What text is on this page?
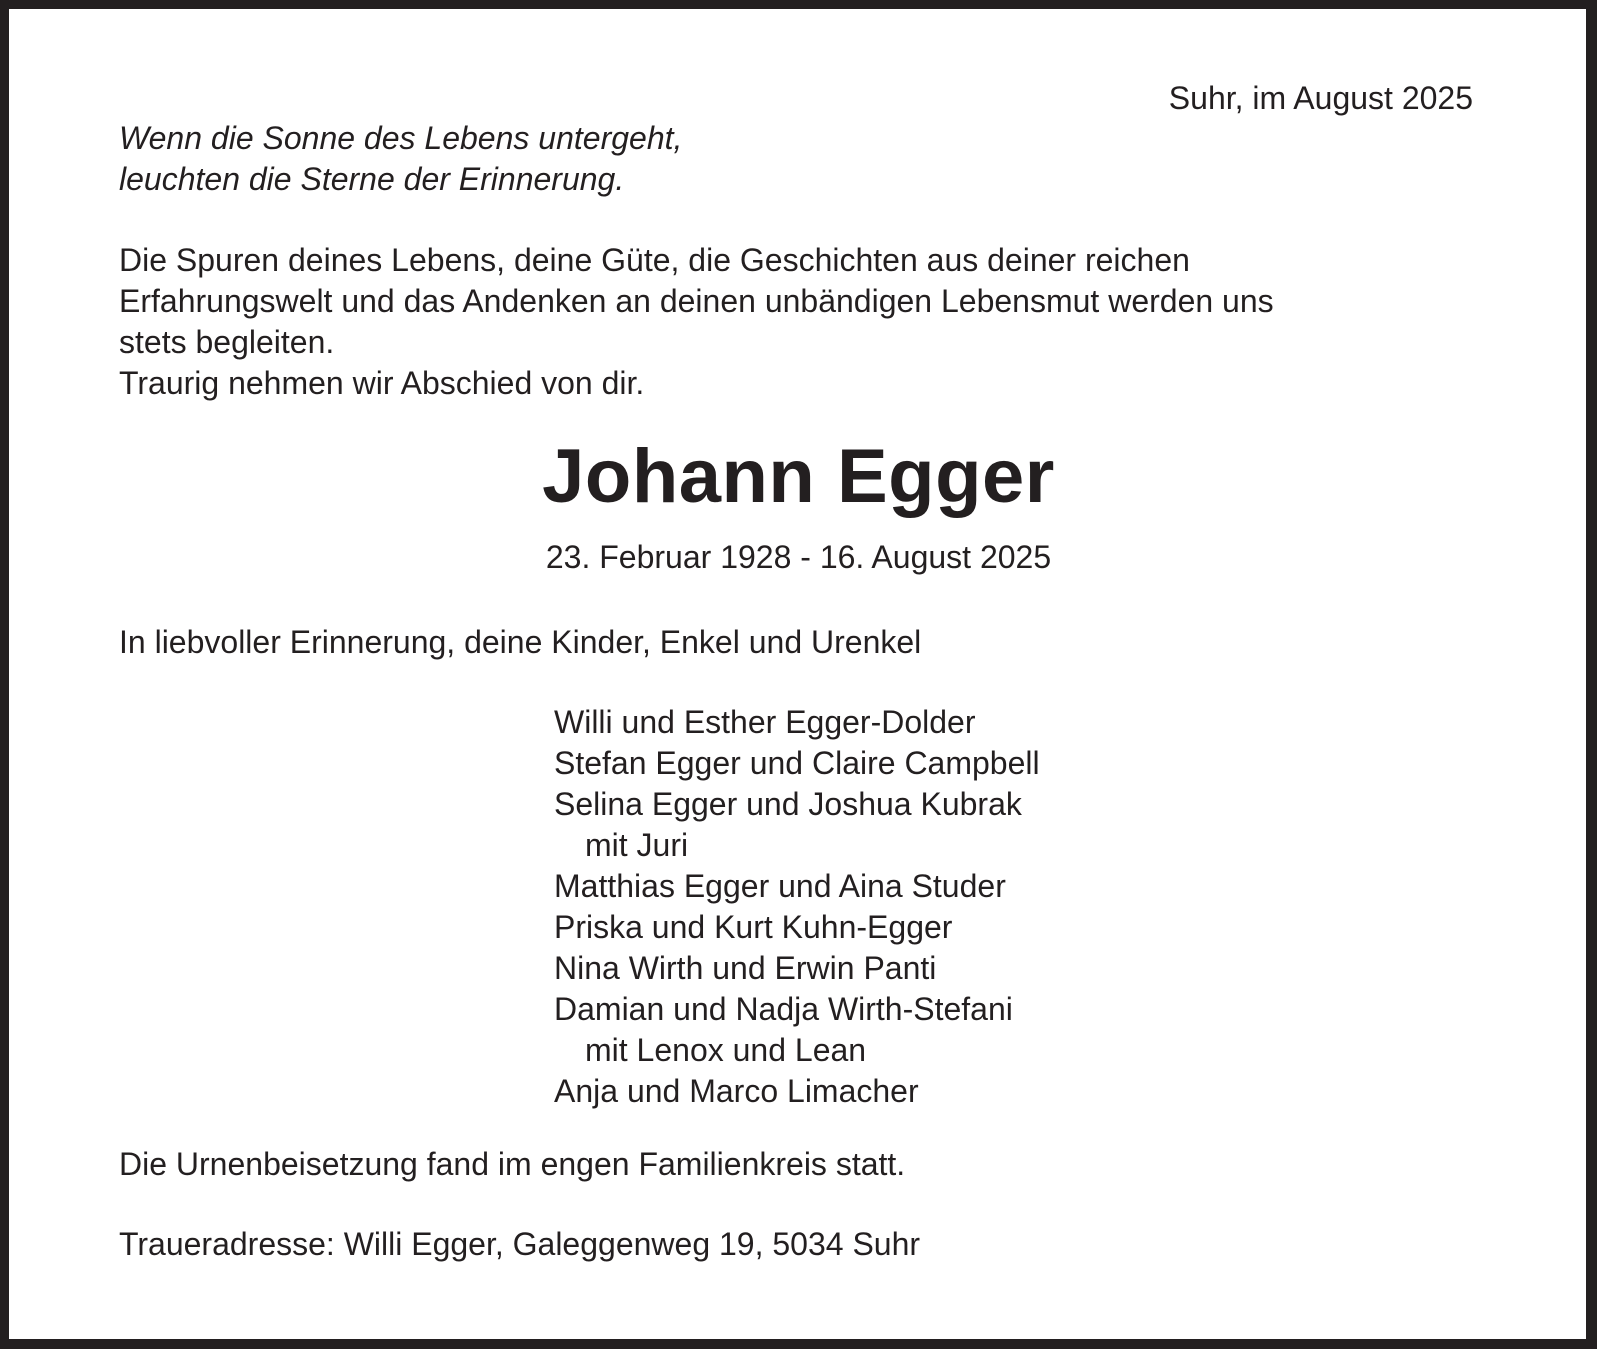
Suhr, im August 2025

Wenn die Sonne des Lebens untergeht,
leuchten die Sterne der Erinnerung.
Die Spuren deines Lebens, deine Güte, die Geschichten aus deiner reichen
Erfahrungswelt und das Andenken an deinen unbändigen Lebensmut werden uns
stets begleiten.
Traurig nehmen wir Abschied von dir.
Johann Egger

23. Februar 1928 - 16. August 2025

In liebvoller Erinnerung, deine Kinder, Enkel und Urenkel

Willi und Esther Egger-Dolder
Stefan Egger und Claire Campbell
Selina Egger und Joshua Kubrak
mit Juri
Matthias Egger und Aina Studer
Priska und Kurt Kuhn-Egger
Nina Wirth und Erwin Panti
Damian und Nadja Wirth-Stefani
mit Lenox und Lean
Anja und Marco Limacher

Die Urnenbeisetzung fand im engen Familienkreis statt.

Traueradresse: Willi Egger, Galeggenweg 19, 5034 Suhr
